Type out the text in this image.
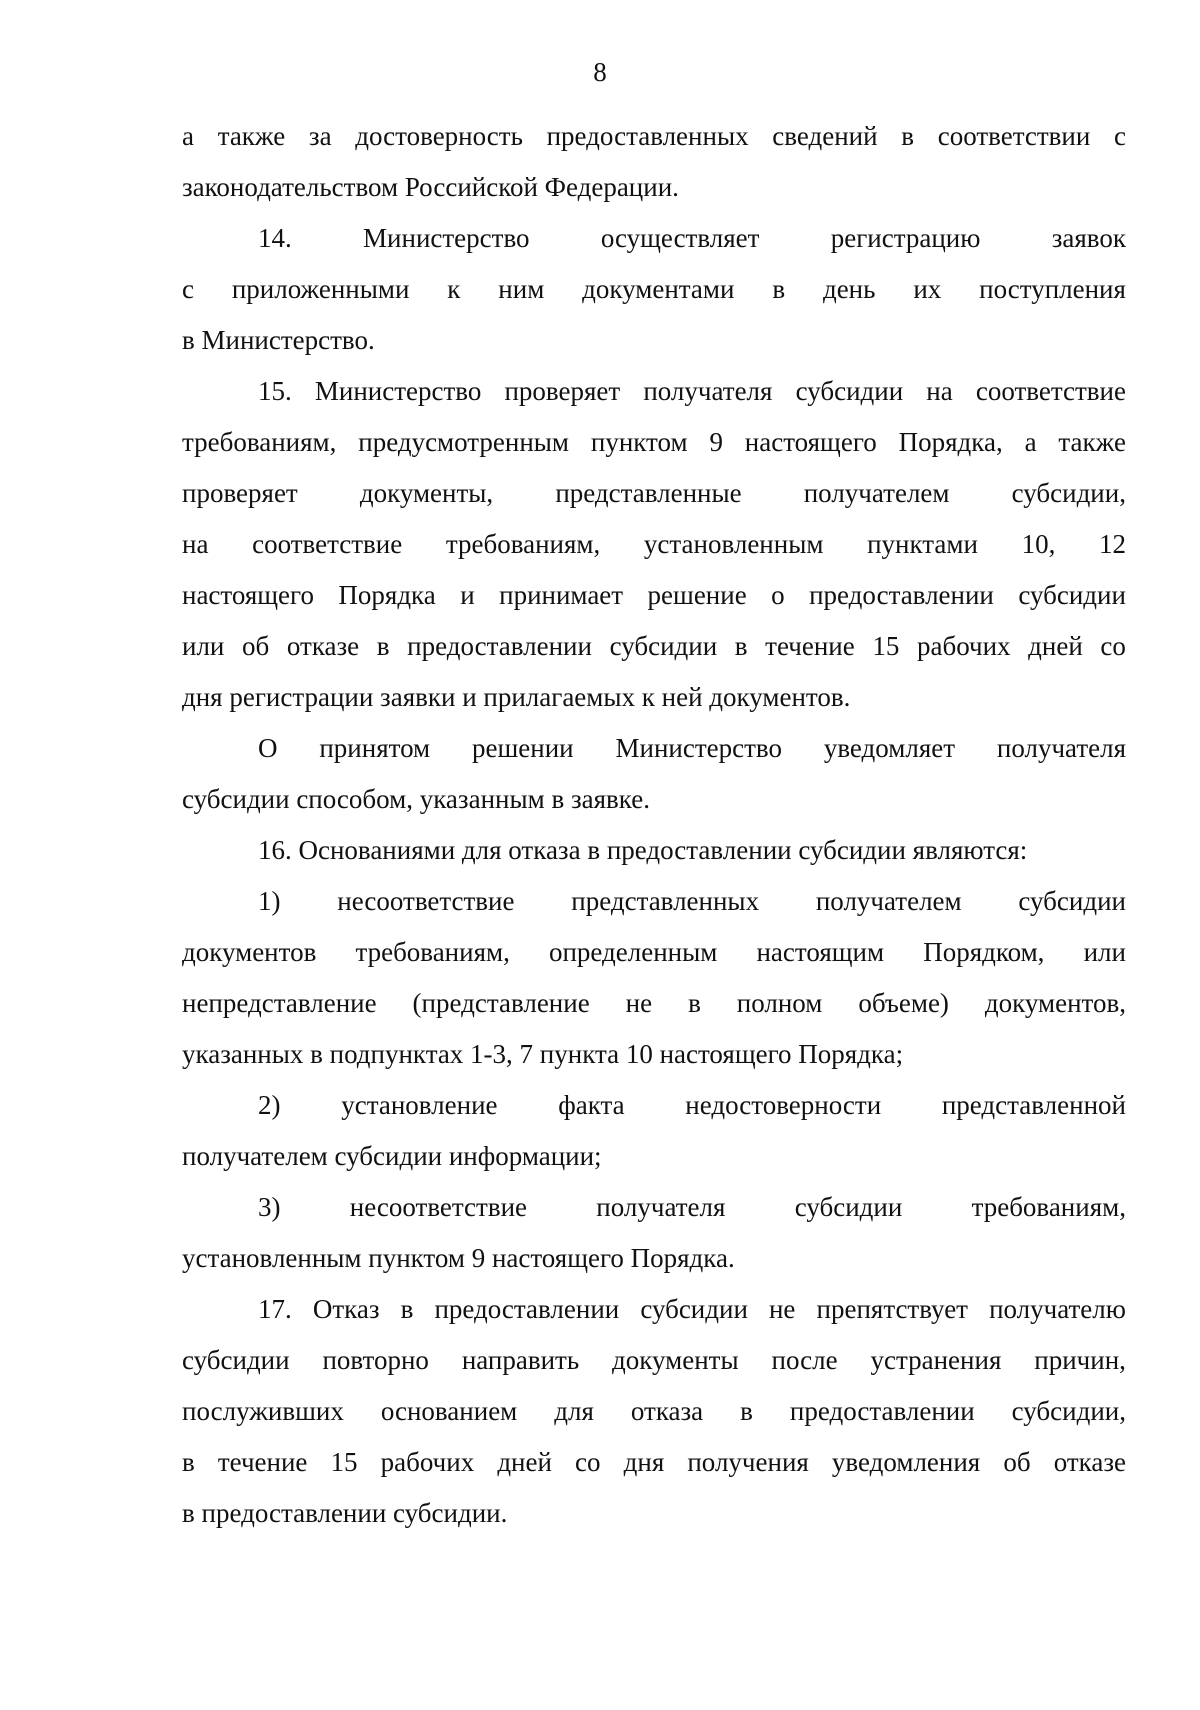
8
а также за достоверность предоставленных сведений в соответствии с
законодательством Российской Федерации.
14.	Министерство	осуществляет	регистрацию	заявок
с приложенными к ним документами в день их поступления
в Министерство.
15. Министерство проверяет получателя субсидии на соответствие
требованиям, предусмотренным пунктом 9 настоящего Порядка, а также
проверяет документы, представленные получателем субсидии,
на соответствие требованиям, установленным пунктами 10, 12
настоящего Порядка и принимает решение о предоставлении субсидии
или об отказе в предоставлении субсидии в течение 15 рабочих дней со
дня регистрации заявки и прилагаемых к ней документов.
О принятом решении Министерство уведомляет получателя
субсидии способом, указанным в заявке.
16. Основаниями для отказа в предоставлении субсидии являются:
1) несоответствие представленных получателем субсидии
документов требованиям, определенным настоящим Порядком, или
непредставление (представление не в полном объеме) документов,
указанных в подпунктах 1-3, 7 пункта 10 настоящего Порядка;
2) установление факта недостоверности представленной
получателем субсидии информации;
3)	несоответствие	получателя	субсидии	требованиям,
установленным пунктом 9 настоящего Порядка.
17. Отказ в предоставлении субсидии не препятствует получателю
субсидии повторно направить документы после устранения причин,
послуживших основанием для отказа в предоставлении субсидии,
в течение 15 рабочих дней со дня получения уведомления об отказе
в предоставлении субсидии.
